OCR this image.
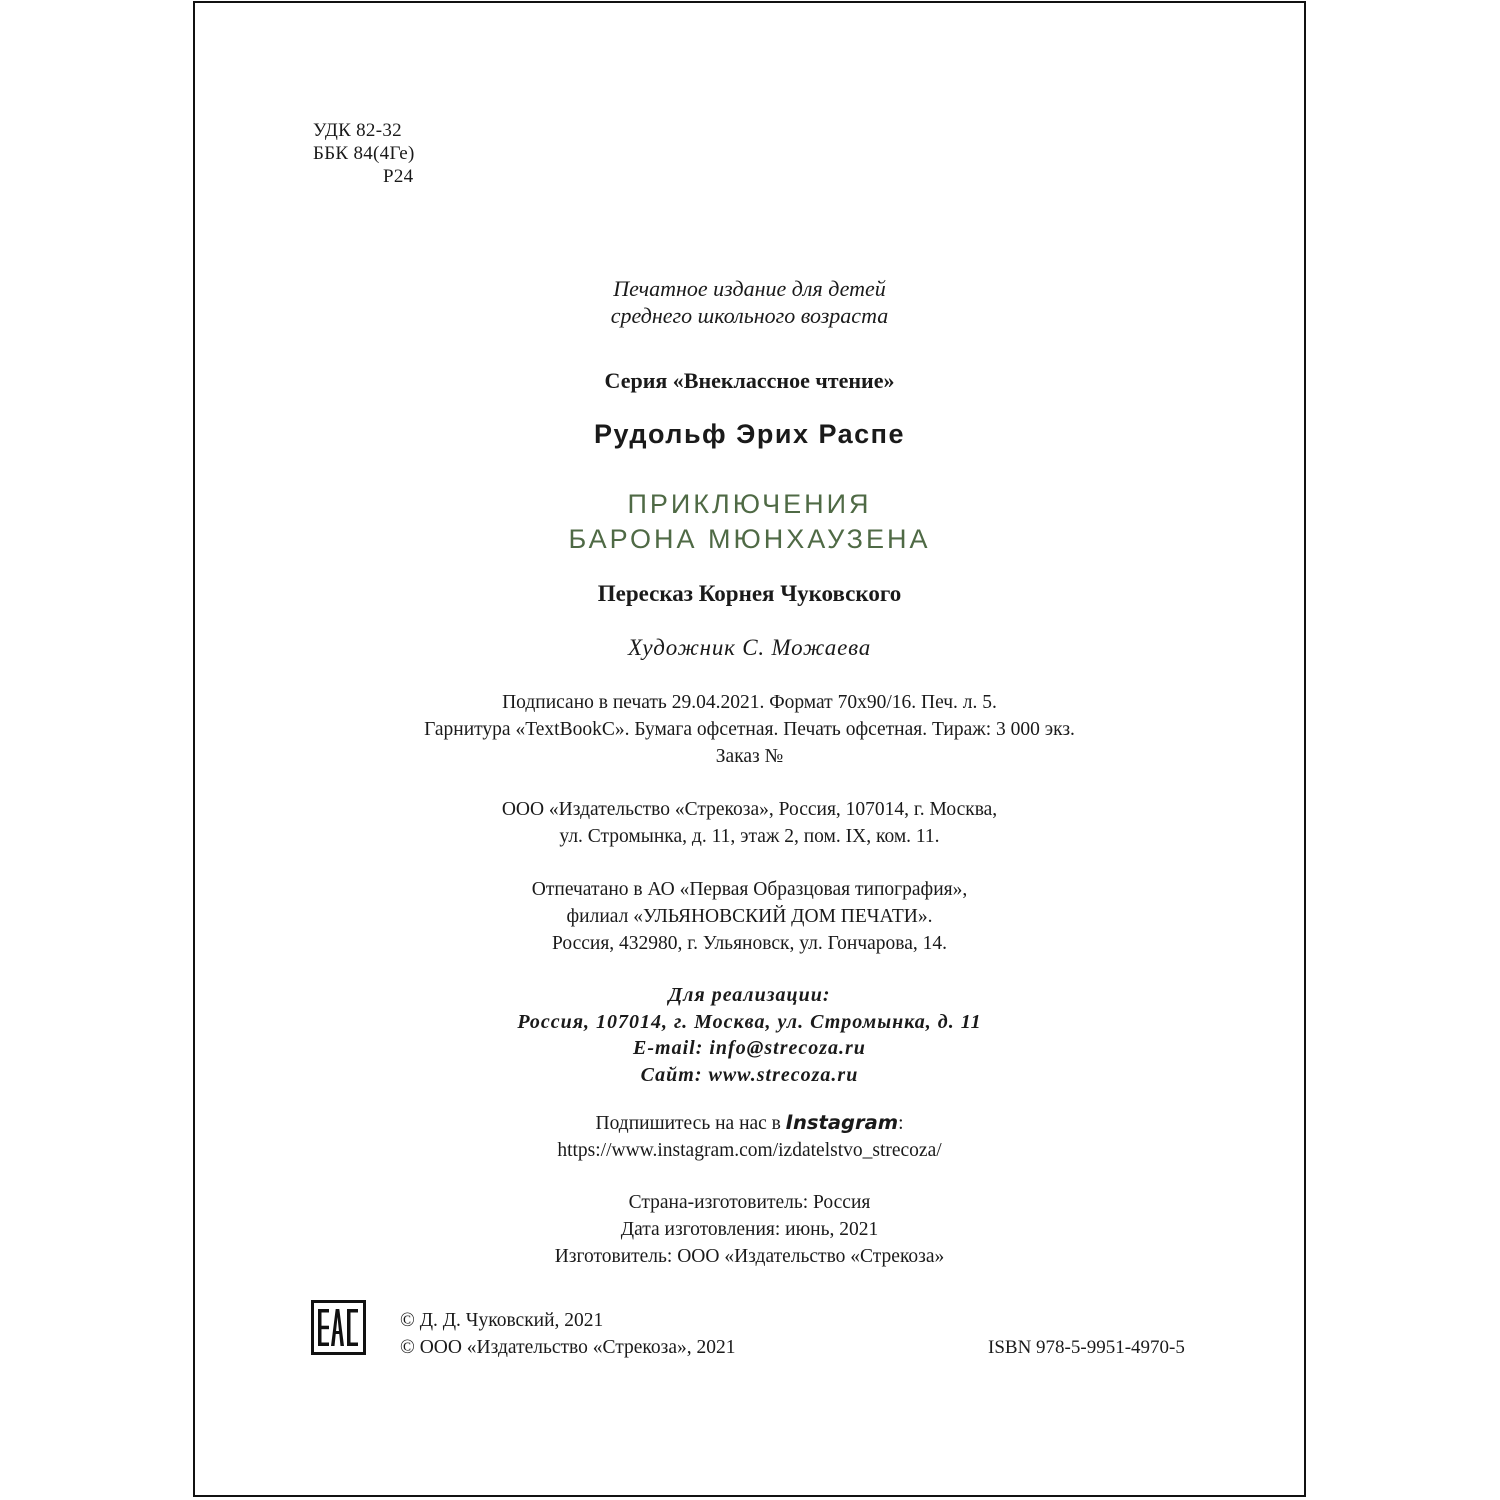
УДК 82-32
ББК 84(4Ге)
Р24
Печатное издание для детей
среднего школьного возраста
Серия «Внеклассное чтение»
Рудольф Эрих Распе
ПРИКЛЮЧЕНИЯ
БАРОНА МЮНХАУЗЕНА
Пересказ Корнея Чуковского
Художник С. Можаева
Подписано в печать 29.04.2021. Формат 70х90/16. Печ. л. 5.
Гарнитура «TextBookC». Бумага офсетная. Печать офсетная. Тираж: 3 000 экз.
Заказ №
ООО «Издательство «Стрекоза», Россия, 107014, г. Москва,
ул. Стромынка, д. 11, этаж 2, пом. IX, ком. 11.
Отпечатано в АО «Первая Образцовая типография»,
филиал «УЛЬЯНОВСКИЙ ДОМ ПЕЧАТИ».
Россия, 432980, г. Ульяновск, ул. Гончарова, 14.
Для реализации:
Россия, 107014, г. Москва, ул. Стромынка, д. 11
E-mail: info@strecoza.ru
Сайт: www.strecoza.ru
Подпишитесь на нас в Instagram:
https://www.instagram.com/izdatelstvo_strecoza/
Страна-изготовитель: Россия
Дата изготовления: июнь, 2021
Изготовитель: ООО «Издательство «Стрекоза»
© Д. Д. Чуковский, 2021
© ООО «Издательство «Стрекоза», 2021	ISBN 978-5-9951-4970-5
